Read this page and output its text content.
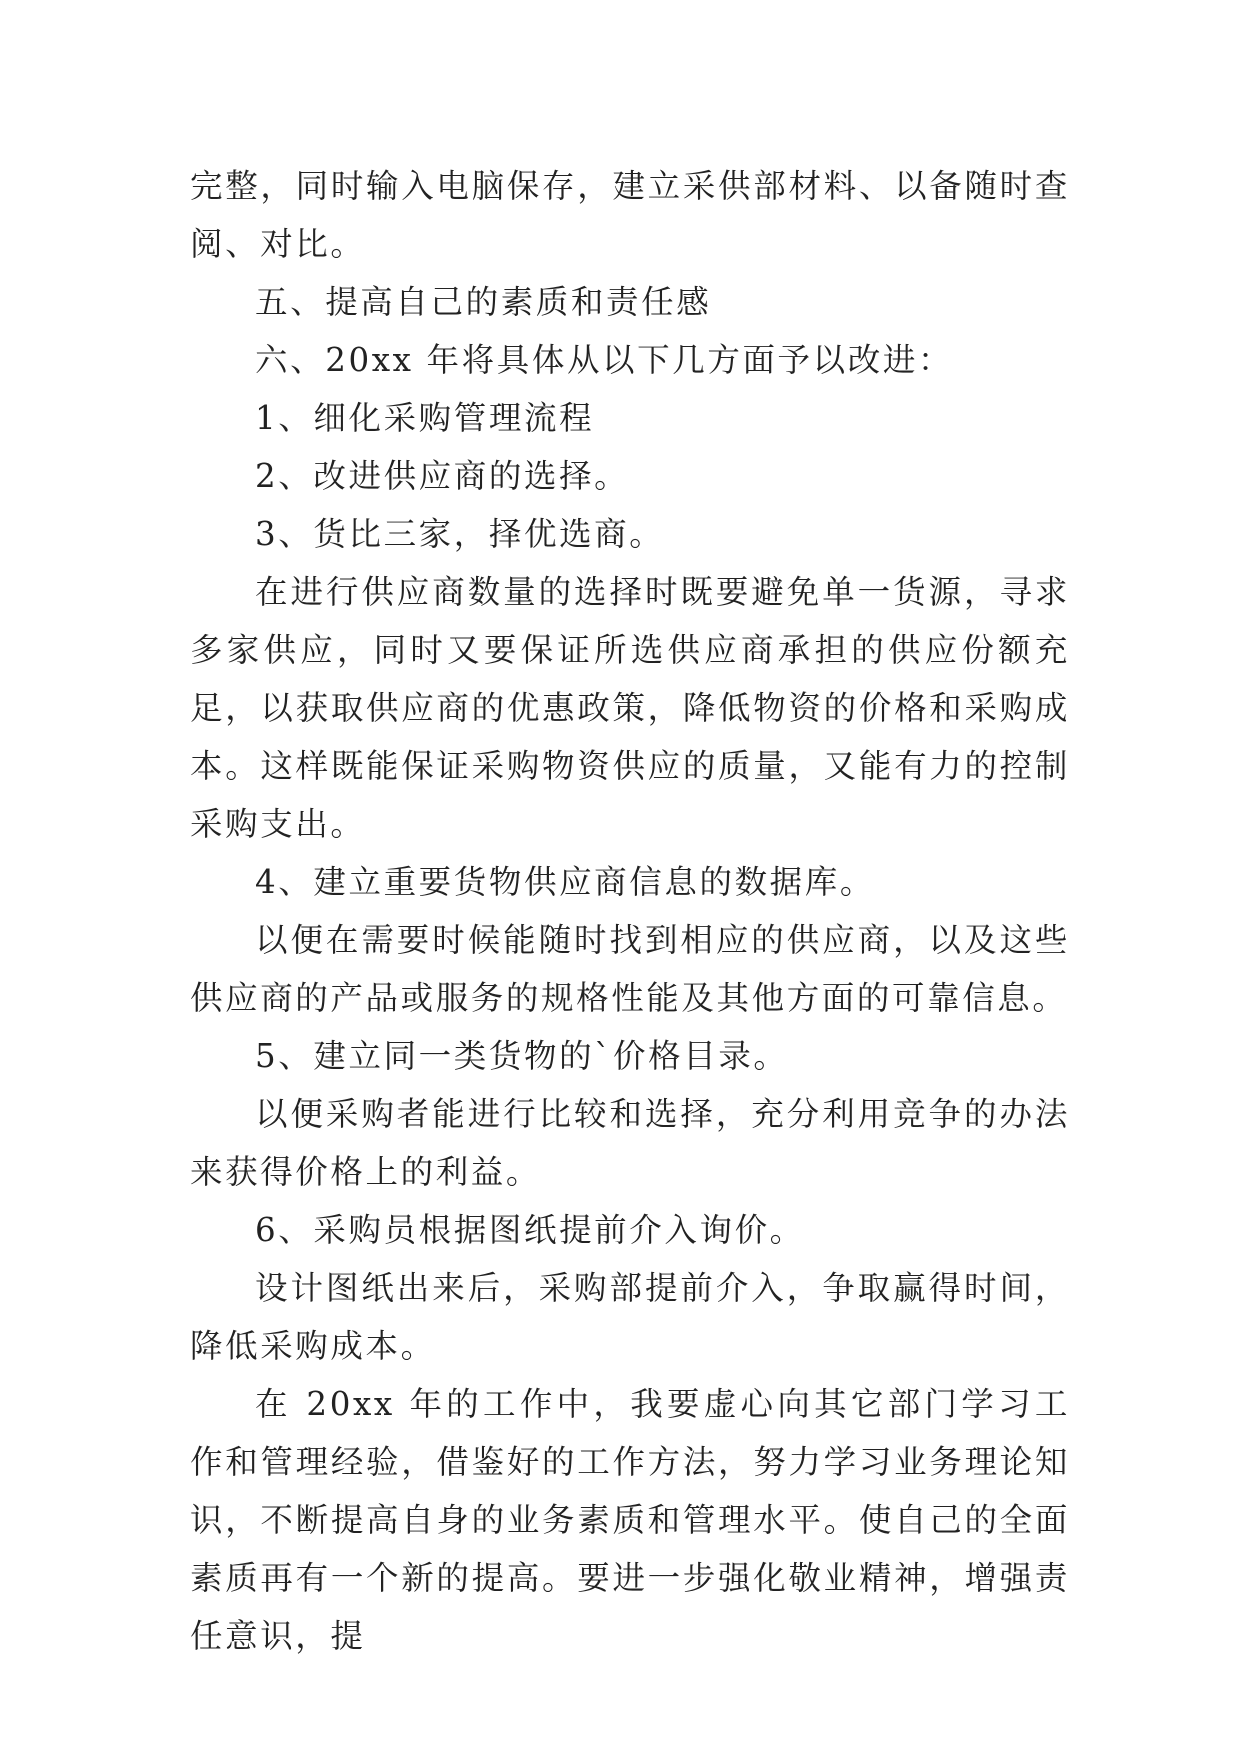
完整，同时输入电脑保存，建立采供部材料、以备随时查阅、对比。

五、提高自己的素质和责任感

六、20xx 年将具体从以下几方面予以改进：

1、细化采购管理流程

2、改进供应商的选择。

3、货比三家，择优选商。

在进行供应商数量的选择时既要避免单一货源，寻求多家供应，同时又要保证所选供应商承担的供应份额充足，以获取供应商的优惠政策，降低物资的价格和采购成本。这样既能保证采购物资供应的质量，又能有力的控制采购支出。

4、建立重要货物供应商信息的数据库。

以便在需要时候能随时找到相应的供应商，以及这些供应商的产品或服务的规格性能及其他方面的可靠信息。

5、建立同一类货物的`价格目录。

以便采购者能进行比较和选择，充分利用竞争的办法来获得价格上的利益。

6、采购员根据图纸提前介入询价。

设计图纸出来后，采购部提前介入，争取赢得时间，降低采购成本。

在 20xx 年的工作中，我要虚心向其它部门学习工作和管理经验，借鉴好的工作方法，努力学习业务理论知识，不断提高自身的业务素质和管理水平。使自己的全面素质再有一个新的提高。要进一步强化敬业精神，增强责任意识，提
